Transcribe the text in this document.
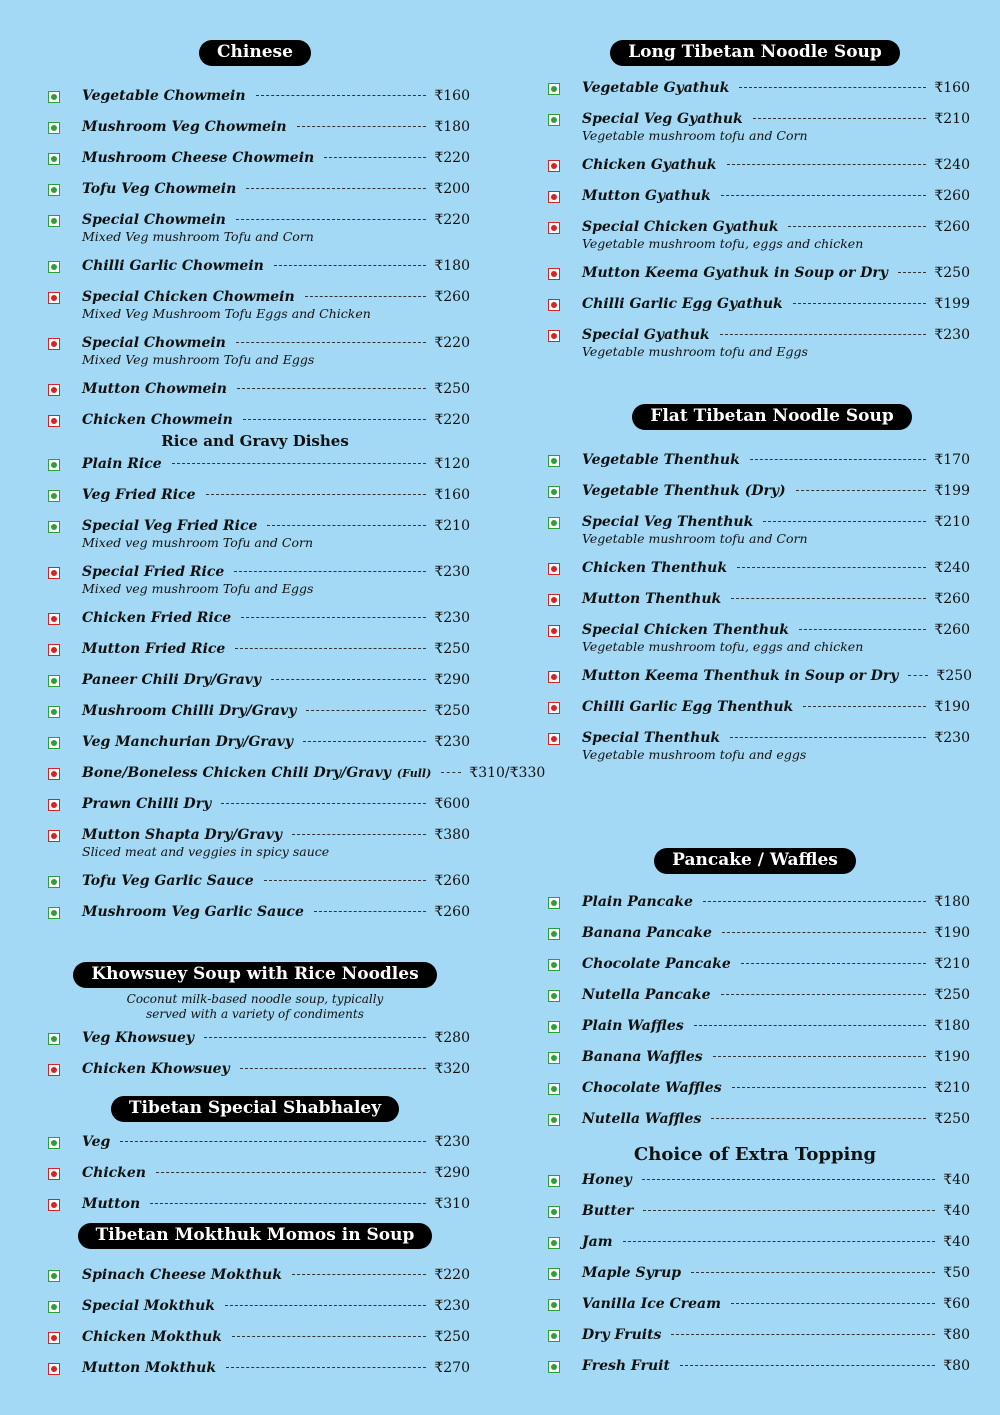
Chinese
Vegetable Chowmein	₹160
Mushroom Veg Chowmein	₹180
Mushroom Cheese Chowmein	₹220
Tofu Veg Chowmein	₹200
Special Chowmein	₹220
Mixed Veg mushroom Tofu and Corn
Chilli Garlic Chowmein	₹180
Special Chicken Chowmein	₹260
Mixed Veg Mushroom Tofu Eggs and Chicken
Special Chowmein	₹220
Mixed Veg mushroom Tofu and Eggs
Mutton Chowmein	₹250
Chicken Chowmein	₹220
Rice and Gravy Dishes
Plain Rice	₹120
Veg Fried Rice	₹160
Special Veg Fried Rice	₹210
Mixed veg mushroom Tofu and Corn
Special Fried Rice	₹230
Mixed veg mushroom Tofu and Eggs
Chicken Fried Rice	₹230
Mutton Fried Rice	₹250
Paneer Chili Dry/Gravy	₹290
Mushroom Chilli Dry/Gravy	₹250
Veg Manchurian Dry/Gravy	₹230
Bone/Boneless Chicken Chili Dry/Gravy (Full)	₹310/₹330
Prawn Chilli Dry	₹600
Mutton Shapta Dry/Gravy	₹380
Sliced meat and veggies in spicy sauce
Tofu Veg Garlic Sauce	₹260
Mushroom Veg Garlic Sauce	₹260
Khowsuey Soup with Rice Noodles
Coconut milk-based noodle soup, typically
served with a variety of condiments
Veg Khowsuey	₹280
Chicken Khowsuey	₹320
Tibetan Special Shabhaley
Veg	₹230
Chicken	₹290
Mutton	₹310
Tibetan Mokthuk Momos in Soup
Spinach Cheese Mokthuk	₹220
Special Mokthuk	₹230
Chicken Mokthuk	₹250
Mutton Mokthuk	₹270
Long Tibetan Noodle Soup
Vegetable Gyathuk	₹160
Special Veg Gyathuk	₹210
Vegetable mushroom tofu and Corn
Chicken Gyathuk	₹240
Mutton Gyathuk	₹260
Special Chicken Gyathuk	₹260
Vegetable mushroom tofu, eggs and chicken
Mutton Keema Gyathuk in Soup or Dry	₹250
Chilli Garlic Egg Gyathuk	₹199
Special Gyathuk	₹230
Vegetable mushroom tofu and Eggs
Flat Tibetan Noodle Soup
Vegetable Thenthuk	₹170
Vegetable Thenthuk (Dry)	₹199
Special Veg Thenthuk	₹210
Vegetable mushroom tofu and Corn
Chicken Thenthuk	₹240
Mutton Thenthuk	₹260
Special Chicken Thenthuk	₹260
Vegetable mushroom tofu, eggs and chicken
Mutton Keema Thenthuk in Soup or Dry	₹250
Chilli Garlic Egg Thenthuk	₹190
Special Thenthuk	₹230
Vegetable mushroom tofu and eggs
Pancake / Waffles
Plain Pancake	₹180
Banana Pancake	₹190
Chocolate Pancake	₹210
Nutella Pancake	₹250
Plain Waffles	₹180
Banana Waffles	₹190
Chocolate Waffles	₹210
Nutella Waffles	₹250
Choice of Extra Topping
Honey	₹40
Butter	₹40
Jam	₹40
Maple Syrup	₹50
Vanilla Ice Cream	₹60
Dry Fruits	₹80
Fresh Fruit	₹80
